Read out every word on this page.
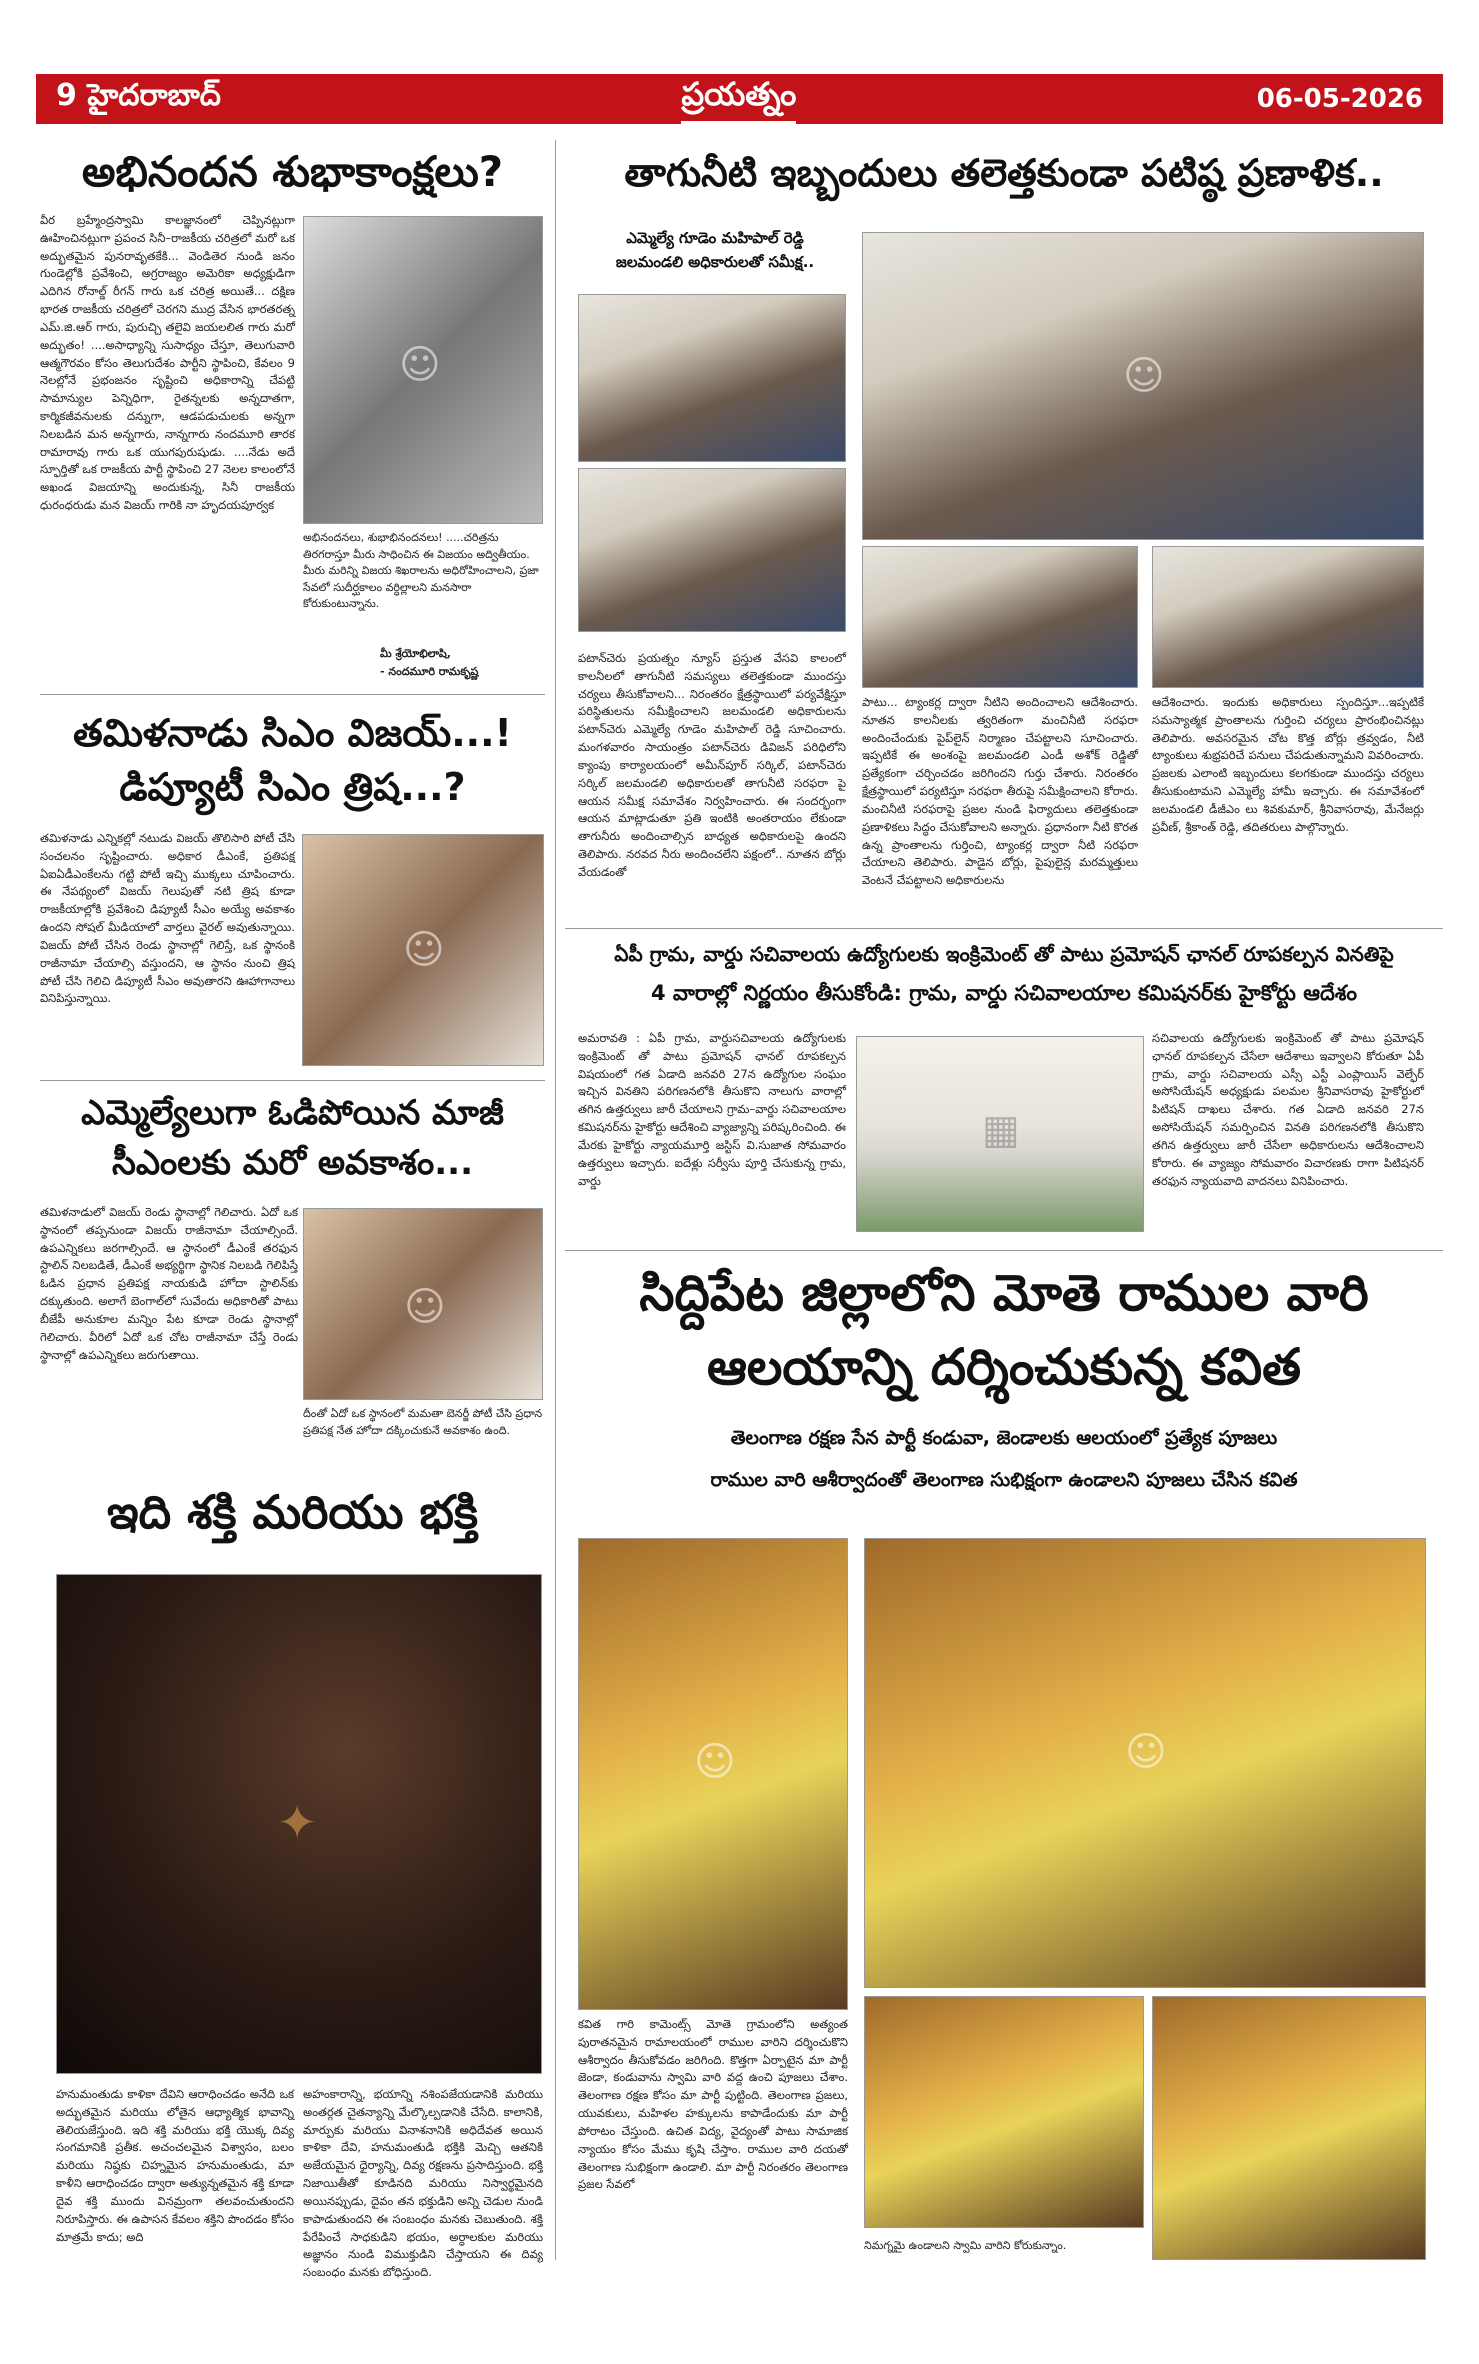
9 హైదరాబాద్	ప్రయత్నం	06-05-2026
అభినందన శుభాకాంక్షలు?
వీర బ్రహ్మేంద్రస్వామి కాలజ్ఞానంలో చెప్పినట్లుగా ఊహించినట్లుగా ప్రపంచ సినీ–రాజకీయ చరిత్రలో మరో ఒక అద్భుతమైన పునరావృతకేకి... వెండితెర నుండి జనం గుండెల్లోకి ప్రవేశించి, అగ్రరాజ్యం అమెరికా అధ్యక్షుడిగా ఎదిగిన రోనాల్డ్ రీగన్ గారు ఒక చరిత్ర అయితే... దక్షిణ భారత రాజకీయ చరిత్రలో చెరగని ముద్ర వేసిన భారతరత్న ఎమ్.జి.ఆర్ గారు, పురుచ్చి తలైవి జయలలిత గారు మరో అద్భుతం! ....అసాధ్యాన్ని సుసాధ్యం చేస్తూ, తెలుగువారి ఆత్మగౌరవం కోసం తెలుగుదేశం పార్టీని స్థాపించి, కేవలం 9 నెలల్లోనే ప్రభంజనం సృష్టించి అధికారాన్ని చేపట్టి సామాన్యుల పెన్నిధిగా, రైతన్నలకు అన్నదాతగా, కార్మికజీవనులకు దన్నుగా, ఆడపడుచులకు అన్నగా నిలబడిన మన అన్నగారు, నాన్నగారు నందమూరి తారక రామారావు గారు ఒక యుగపురుషుడు. ....నేడు అదే స్ఫూర్తితో ఒక రాజకీయ పార్టీ స్థాపించి 27 నెలల కాలంలోనే అఖండ విజయాన్ని అందుకున్న, సినీ రాజకీయ ధురంధరుడు మన విజయ్ గారికి నా హృదయపూర్వక
☺
అభినందనలు, శుభాభినందనలు! .....చరిత్రను తిరగరాస్తూ మీరు సాధించిన ఈ విజయం అద్వితీయం. మీరు మరిన్ని విజయ శిఖరాలను అధిరోహించాలని, ప్రజా సేవలో సుదీర్ఘకాలం వర్ధిల్లాలని మనసారా కోరుకుంటున్నాను.
మీ శ్రేయోభిలాషి,
- నందమూరి రామకృష్ణ
తమిళనాడు సిఎం విజయ్...!
డిప్యూటీ సిఎం త్రిష...?
తమిళనాడు ఎన్నికల్లో నటుడు విజయ్ తొలిసారి పోటీ చేసి సంచలనం సృష్టించారు. అధికార డీఎంకే, ప్రతిపక్ష ఏఐఏడీఎంకేలను గట్టి పోటీ ఇచ్చి ముక్కలు చూపించారు. ఈ నేపథ్యంలో విజయ్ గెలుపుతో నటి త్రిష కూడా రాజకీయాల్లోకి ప్రవేశించి డిప్యూటీ సీఎం అయ్యే అవకాశం ఉందని సోషల్ మీడియాలో వార్తలు వైరల్ అవుతున్నాయి. విజయ్ పోటీ చేసిన రెండు స్థానాల్లో గెలిస్తే, ఒక స్థానంకి రాజీనామా చేయాల్సి వస్తుందని, ఆ స్థానం నుంచి త్రిష పోటీ చేసి గెలిచి డిప్యూటీ సీఎం అవుతారని ఊహాగానాలు వినిపిస్తున్నాయి.
☺
ఎమ్మెల్యేలుగా ఓడిపోయిన మాజీ
సీఎంలకు మరో అవకాశం...
తమిళనాడులో విజయ్ రెండు స్థానాల్లో గెలిచారు. ఏదో ఒక స్థానంలో తప్పనుండా విజయ్ రాజీనామా చేయాల్సిందే. ఉపఎన్నికలు జరగాల్సిందే. ఆ స్థానంలో డీఎంకే తరఫున స్టాలిన్ నిలబడితే, డీఎంకే అభ్యర్థిగా స్థానిక నిలబడి గెలిపిస్తే ఓడిన ప్రధాన ప్రతిపక్ష నాయకుడి హోదా స్టాలిన్‌కు దక్కుతుంది. అలాగే బెంగాల్‌లో సువేందు అధికారితో పాటు బీజేపీ అనుకూల మన్నిం పేట కూడా రెండు స్థానాల్లో గెలిచారు. వీరిలో ఏదో ఒక చోట రాజీనామా చేస్తే రెండు స్థానాల్లో ఉపఎన్నికలు జరుగుతాయి.
☺
దీంతో ఏదో ఒక స్థానంలో మమతా బెనర్జీ పోటీ చేసి ప్రధాన ప్రతిపక్ష నేత హోదా దక్కించుకునే అవకాశం ఉంది.
ఇది శక్తి మరియు భక్తి
✦
హనుమంతుడు కాళికా దేవిని ఆరాధించడం అనేది ఒక అద్భుతమైన మరియు లోతైన ఆధ్యాత్మిక భావాన్ని తెలియజేస్తుంది. ఇది శక్తి మరియు భక్తి యొక్క దివ్య సంగమానికి ప్రతీక. అచంచలమైన విశ్వాసం, బలం మరియు నిష్ఠకు చిహ్నమైన హనుమంతుడు, మా కాళీని ఆరాధించడం ద్వారా అత్యున్నతమైన శక్తి కూడా దైవ శక్తి ముందు వినమ్రంగా తలవంచుతుందని నిరూపిస్తారు. ఈ ఉపాసన కేవలం శక్తిని పొందడం కోసం మాత్రమే కాదు; అది
అహంకారాన్ని, భయాన్ని నశింపజేయడానికి మరియు అంతర్గత చైతన్యాన్ని మేల్కొల్పడానికి చేసేది. కాలానికి, మార్పుకు మరియు వినాశనానికి అధిదేవత అయిన కాళికా దేవి, హనుమంతుడి భక్తికి మెచ్చి ఆతనికి అజేయమైన ధైర్యాన్ని, దివ్య రక్షణను ప్రసాదిస్తుంది. భక్తి నిజాయితీతో కూడినది మరియు నిస్వార్థమైనది అయినప్పుడు, దైవం తన భక్తుడిని అన్ని చెడుల నుండి కాపాడుతుందని ఈ సంబంధం మనకు చెబుతుంది. శక్తి పేరేపించే సాధకుడిని భయం, అర్ధాలకుల మరియు అజ్ఞానం నుండి విముక్తుడిని చేస్తాయని ఈ దివ్య సంబంధం మనకు బోధిస్తుంది.
తాగునీటి ఇబ్బందులు తలెత్తకుండా పటిష్ఠ ప్రణాళిక..
ఎమ్మెల్యే గూడెం మహిపాల్ రెడ్డి
జలమండలి అధికారులతో సమీక్ష..
☺
పటాన్‌చెరు ప్రయత్నం న్యూస్ ప్రస్తుత వేసవి కాలంలో కాలనీలలో తాగునీటి సమస్యలు తలెత్తకుండా ముందస్తు చర్యలు తీసుకోవాలని... నిరంతరం క్షేత్రస్థాయిలో పర్యవేక్షిస్తూ పరిస్థితులను సమీక్షించాలని జలమండలి అధికారులను పటాన్‌చెరు ఎమ్మెల్యే గూడెం మహిపాల్ రెడ్డి సూచించారు. మంగళవారం సాయంత్రం పటాన్‌చెరు డివిజన్ పరిధిలోని క్యాంపు కార్యాలయంలో అమీన్‌పూర్ సర్కిల్, పటాన్‌చెరు సర్కిల్ జలమండలి అధికారులతో తాగునీటి సరఫరా పై ఆయన సమీక్ష సమావేశం నిర్వహించారు. ఈ సందర్భంగా ఆయన మాట్లాడుతూ ప్రతి ఇంటికి అంతరాయం లేకుండా తాగునీరు అందించాల్సిన బాధ్యత అధికారులపై ఉందని తెలిపారు. నరవద నీరు అందించలేని పక్షంలో.. నూతన బోర్లు వేయడంతో
పాటు... ట్యాంకర్ల ద్వారా నీటిని అందించాలని ఆదేశించారు. నూతన కాలనీలకు త్వరితంగా మంచినీటి సరఫరా అందించేందుకు పైప్‌లైన్ నిర్మాణం చేపట్టాలని సూచించారు. ఇప్పటికే ఈ అంశంపై జలమండలి ఎండీ అశోక్ రెడ్డితో ప్రత్యేకంగా చర్చించడం జరిగిందని గుర్తు చేశారు. నిరంతరం క్షేత్రస్థాయిలో పర్యటిస్తూ సరఫరా తీరుపై సమీక్షించాలని కోరారు. మంచినీటి సరఫరాపై ప్రజల నుండి ఫిర్యాదులు తలెత్తకుండా ప్రణాళికలు సిద్ధం చేసుకోవాలని అన్నారు. ప్రధానంగా నీటి కొరత ఉన్న ప్రాంతాలను గుర్తించి, ట్యాంకర్ల ద్వారా నీటి సరఫరా చేయాలని తెలిపారు. పాడైన బోర్లు, పైపులైన్ల మరమ్మత్తులు వెంటనే చేపట్టాలని అధికారులను
ఆదేశించారు. ఇందుకు అధికారులు స్పందిస్తూ...ఇప్పటికే సమస్యాత్మక ప్రాంతాలను గుర్తించి చర్యలు ప్రారంభించినట్లు తెలిపారు. అవసరమైన చోట కొత్త బోర్లు త్రవ్వడం, నీటి ట్యాంకులు శుభ్రపరిచే పనులు చేపడుతున్నామని వివరించారు. ప్రజలకు ఎలాంటి ఇబ్బందులు కలగకుండా ముందస్తు చర్యలు తీసుకుంటామని ఎమ్మెల్యే హామీ ఇచ్చారు. ఈ సమావేశంలో జలమండలి డీజీఎం లు శివకుమార్, శ్రీనివాసరావు, మేనేజర్లు ప్రవీణ్, శ్రీకాంత్ రెడ్డి, తదితరులు పాల్గొన్నారు.
ఏపీ గ్రామ, వార్డు సచివాలయ ఉద్యోగులకు ఇంక్రిమెంట్ తో పాటు ప్రమోషన్ ఛానల్ రూపకల్పన వినతిపై
4 వారాల్లో నిర్ణయం తీసుకోండి: గ్రామ, వార్డు సచివాలయాల కమిషనర్‌కు హైకోర్టు ఆదేశం
అమరావతి : ఏపీ గ్రామ, వార్డుసచివాలయ ఉద్యోగులకు ఇంక్రిమెంట్ తో పాటు ప్రమోషన్ ఛానల్ రూపకల్పన విషయంలో గత ఏడాది జనవరి 27న ఉద్యోగుల సంఘం ఇచ్చిన వినతిని పరిగణనలోకి తీసుకొని నాలుగు వారాల్లో తగిన ఉత్తర్వులు జారీ చేయాలని గ్రామ–వార్డు సచివాలయాల కమిషనర్‌ను హైకోర్టు ఆదేశించి వ్యాజ్యాన్ని పరిష్కరించింది. ఈ మేరకు హైకోర్టు న్యాయమూర్తి జస్టిస్ వి.సుజాత సోమవారం ఉత్తర్వులు ఇచ్చారు. ఐదేళ్లు సర్వీసు పూర్తి చేసుకున్న గ్రామ, వార్డు
▦
సచివాలయ ఉద్యోగులకు ఇంక్రిమెంట్ తో పాటు ప్రమోషన్ ఛానల్ రూపకల్పన చేసేలా ఆదేశాలు ఇవ్వాలని కోరుతూ ఏపీ గ్రామ, వార్డు సచివాలయ ఎస్సీ ఎస్టీ ఎంప్లాయిస్ వెల్ఫేర్ అసోసియేషన్ అధ్యక్షుడు పలమల శ్రీనివాసరావు హైకోర్టులో పిటిషన్ దాఖలు చేశారు. గత ఏడాది జనవరి 27న అసోసియేషన్ సమర్పించిన వినతి పరిగణనలోకి తీసుకొని తగిన ఉత్తర్వులు జారీ చేసేలా అధికారులను ఆదేశించాలని కోరారు. ఈ వ్యాజ్యం సోమవారం విచారణకు రాగా పిటిషనర్ తరఫున న్యాయవాది వాదనలు వినిపించారు.
సిద్దిపేట జిల్లాలోని మోతె రాముల వారి
ఆలయాన్ని దర్శించుకున్న కవిత
తెలంగాణ రక్షణ సేన పార్టీ కండువా, జెండాలకు ఆలయంలో ప్రత్యేక పూజలు
రాముల వారి ఆశీర్వాదంతో తెలంగాణ సుభిక్షంగా ఉండాలని పూజలు చేసిన కవిత
☺	☺
కవిత గారి కామెంట్స్ మోతె గ్రామంలోని అత్యంత పురాతనమైన రామాలయంలో రాముల వారిని దర్శించుకొని ఆశీర్వాదం తీసుకోవడం జరిగింది. కొత్తగా ఏర్పాటైన మా పార్టీ జెండా, కండువాను స్వామి వారి వద్ద ఉంచి పూజలు చేశాం. తెలంగాణ రక్షణ కోసం మా పార్టీ పుట్టింది. తెలంగాణ ప్రజలు, యువకులు, మహిళల హక్కులను కాపాడేందుకు మా పార్టీ పోరాటం చేస్తుంది. ఉచిత విద్య, వైద్యంతో పాటు సామాజిక న్యాయం కోసం మేము కృషి చేస్తాం. రాముల వారి దయతో తెలంగాణ సుభిక్షంగా ఉండాలి. మా పార్టీ నిరంతరం తెలంగాణ ప్రజల సేవలో
నిమగ్నమై ఉండాలని స్వామి వారిని కోరుకున్నాం.
